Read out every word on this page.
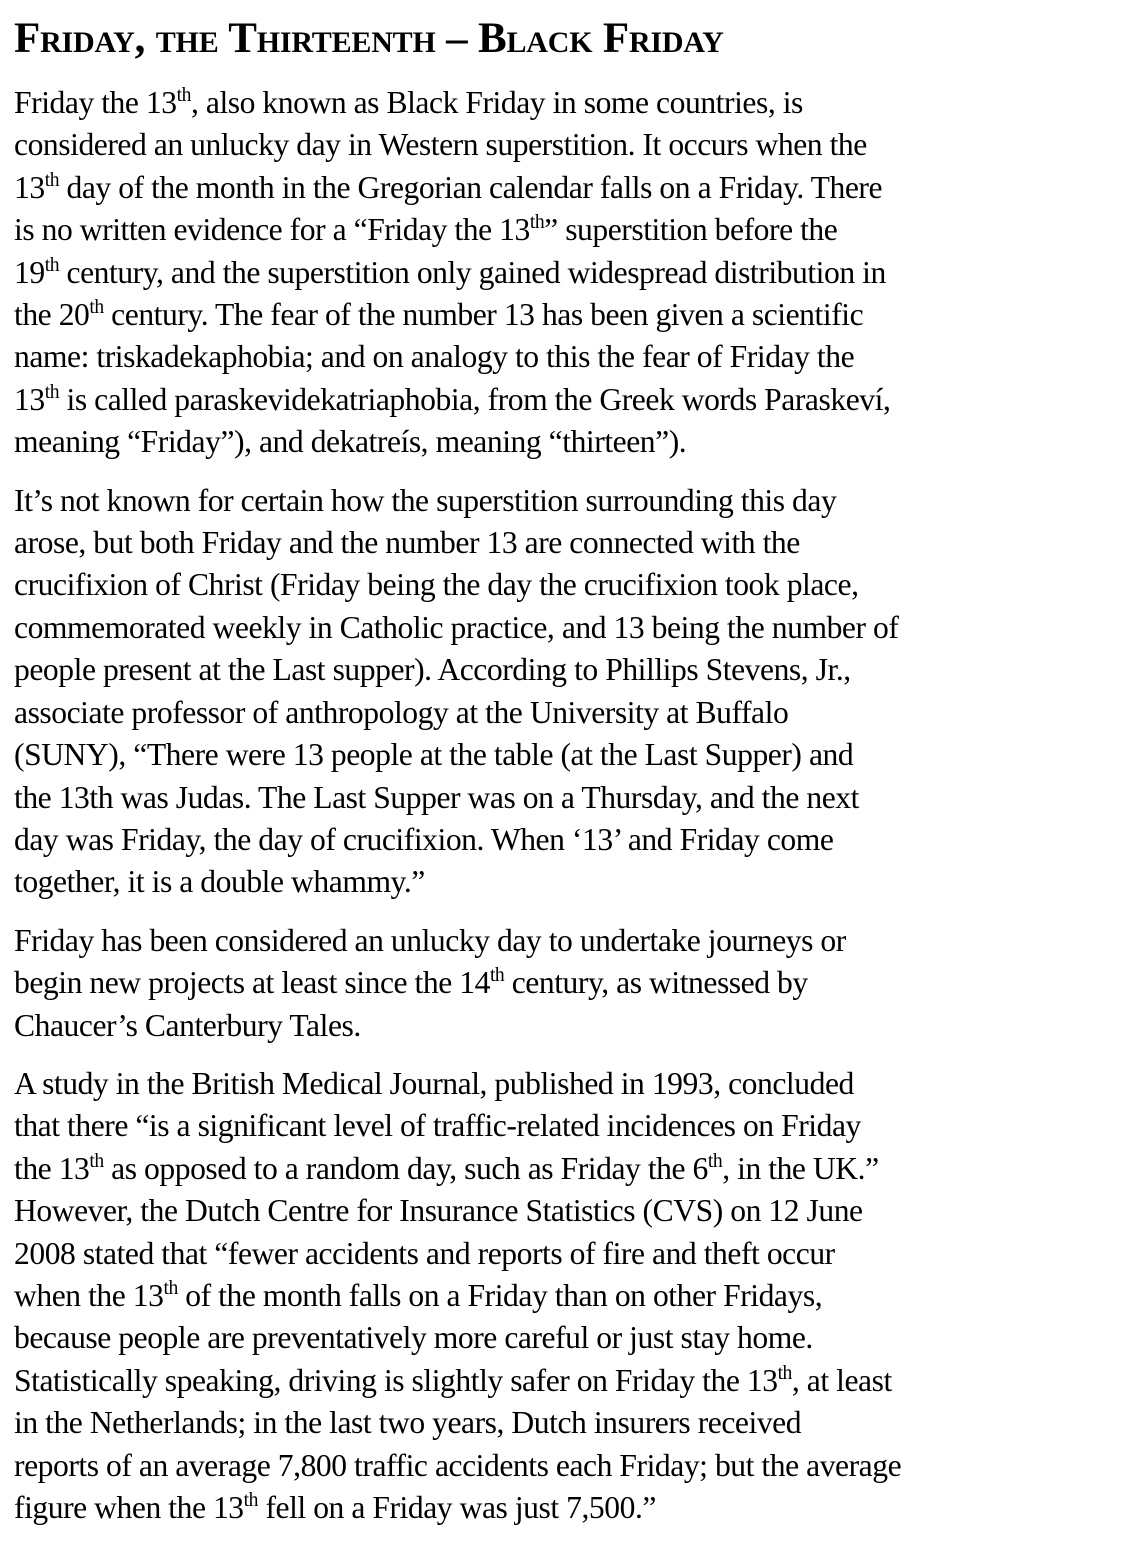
Friday, the Thirteenth – Black Friday

Friday the 13th, also known as Black Friday in some countries, is
considered an unlucky day in Western superstition. It occurs when the
13th day of the month in the Gregorian calendar falls on a Friday. There
is no written evidence for a “Friday the 13th” superstition before the
19th century, and the superstition only gained widespread distribution in
the 20th century. The fear of the number 13 has been given a scientific
name: triskadekaphobia; and on analogy to this the fear of Friday the
13th is called paraskevidekatriaphobia, from the Greek words Paraskeví,
meaning “Friday”), and dekatreís, meaning “thirteen”).

It’s not known for certain how the superstition surrounding this day
arose, but both Friday and the number 13 are connected with the
crucifixion of Christ (Friday being the day the crucifixion took place,
commemorated weekly in Catholic practice, and 13 being the number of
people present at the Last supper). According to Phillips Stevens, Jr.,
associate professor of anthropology at the University at Buffalo
(SUNY), “There were 13 people at the table (at the Last Supper) and
the 13th was Judas. The Last Supper was on a Thursday, and the next
day was Friday, the day of crucifixion. When ‘13’ and Friday come
together, it is a double whammy.”

Friday has been considered an unlucky day to undertake journeys or
begin new projects at least since the 14th century, as witnessed by
Chaucer’s Canterbury Tales.

A study in the British Medical Journal, published in 1993, concluded
that there “is a significant level of traffic-related incidences on Friday
the 13th as opposed to a random day, such as Friday the 6th, in the UK.”
However, the Dutch Centre for Insurance Statistics (CVS) on 12 June
2008 stated that “fewer accidents and reports of fire and theft occur
when the 13th of the month falls on a Friday than on other Fridays,
because people are preventatively more careful or just stay home.
Statistically speaking, driving is slightly safer on Friday the 13th, at least
in the Netherlands; in the last two years, Dutch insurers received
reports of an average 7,800 traffic accidents each Friday; but the average
figure when the 13th fell on a Friday was just 7,500.”
